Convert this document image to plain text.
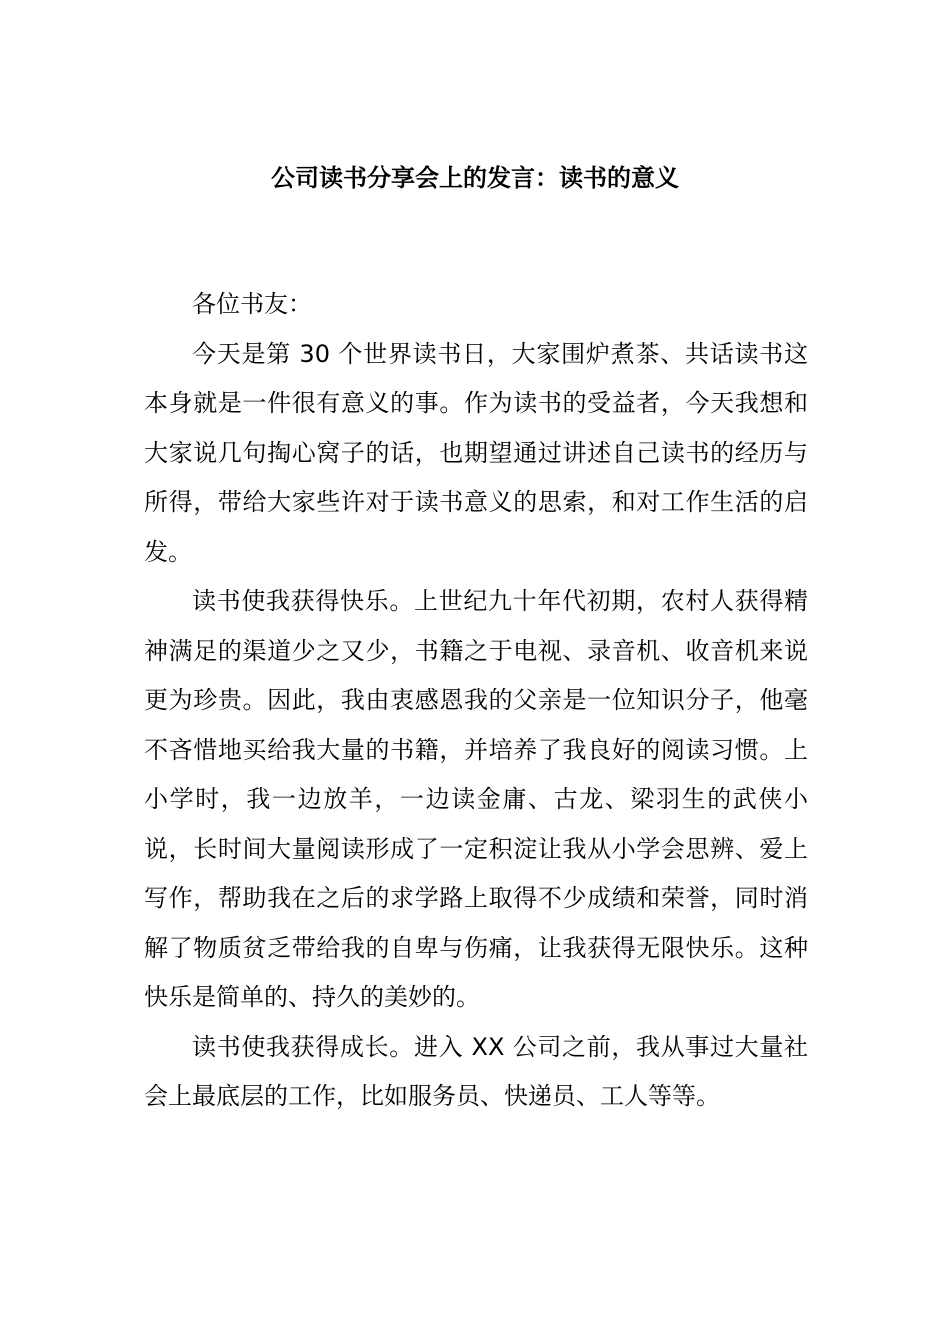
公司读书分享会上的发言：读书的意义

各位书友：

今天是第 30 个世界读书日，大家围炉煮茶、共话读书这本身就是一件很有意义的事。作为读书的受益者，今天我想和大家说几句掏心窝子的话，也期望通过讲述自己读书的经历与所得，带给大家些许对于读书意义的思索，和对工作生活的启发。

读书使我获得快乐。上世纪九十年代初期，农村人获得精神满足的渠道少之又少，书籍之于电视、录音机、收音机来说更为珍贵。因此，我由衷感恩我的父亲是一位知识分子，他毫不吝惜地买给我大量的书籍，并培养了我良好的阅读习惯。上小学时，我一边放羊，一边读金庸、古龙、梁羽生的武侠小说，长时间大量阅读形成了一定积淀让我从小学会思辨、爱上写作，帮助我在之后的求学路上取得不少成绩和荣誉，同时消解了物质贫乏带给我的自卑与伤痛，让我获得无限快乐。这种快乐是简单的、持久的美妙的。

读书使我获得成长。进入 XX 公司之前，我从事过大量社会上最底层的工作，比如服务员、快递员、工人等等。
